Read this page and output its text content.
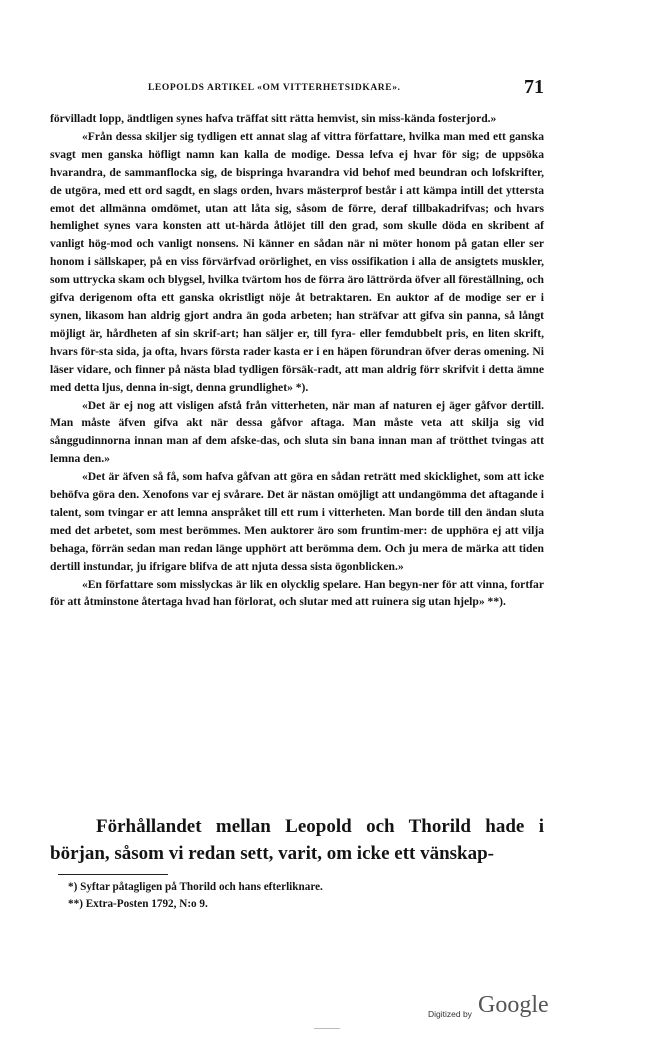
LEOPOLDS ARTIKEL «OM VITTERHETSIDKARE».	71

förvilladt lopp, ändtligen synes hafva träffat sitt rätta hemvist, sin miss-kända fosterjord.»

«Från dessa skiljer sig tydligen ett annat slag af vittra författare, hvilka man med ett ganska svagt men ganska höfligt namn kan kalla de modige. Dessa lefva ej hvar för sig; de uppsöka hvarandra, de sammanflocka sig, de bispringa hvarandra vid behof med beundran och lofskrifter, de utgöra, med ett ord sagdt, en slags orden, hvars mästerprof består i att kämpa intill det yttersta emot det allmänna omdömet, utan att låta sig, såsom de förre, deraf tillbakadrifvas; och hvars hemlighet synes vara konsten att ut-härda åtlöjet till den grad, som skulle döda en skribent af vanligt hög-mod och vanligt nonsens. Ni känner en sådan när ni möter honom på gatan eller ser honom i sällskaper, på en viss förvärfvad orörlighet, en viss ossifikation i alla de ansigtets muskler, som uttrycka skam och blygsel, hvilka tvärtom hos de förra äro lättrörda öfver all föreställning, och gifva derigenom ofta ett ganska okristligt nöje åt betraktaren. En auktor af de modige ser er i synen, likasom han aldrig gjort andra än goda arbeten; han sträfvar att gifva sin panna, så långt möjligt är, hårdheten af sin skrif-art; han säljer er, till fyra- eller femdubbelt pris, en liten skrift, hvars för-sta sida, ja ofta, hvars första rader kasta er i en häpen förundran öfver deras omening. Ni läser vidare, och finner på nästa blad tydligen försäk-radt, att man aldrig förr skrifvit i detta ämne med detta ljus, denna in-sigt, denna grundlighet» *).

«Det är ej nog att visligen afstå från vitterheten, när man af naturen ej äger gåfvor dertill. Man måste äfven gifva akt när dessa gåfvor aftaga. Man måste veta att skilja sig vid sånggudinnorna innan man af dem afske-das, och sluta sin bana innan man af trötthet tvingas att lemna den.»

«Det är äfven så få, som hafva gåfvan att göra en sådan reträtt med skicklighet, som att icke behöfva göra den. Xenofons var ej svårare. Det är nästan omöjligt att undangömma det aftagande i talent, som tvingar er att lemna anspråket till ett rum i vitterheten. Man borde till den ändan sluta med det arbetet, som mest berömmes. Men auktorer äro som fruntim-mer: de upphöra ej att vilja behaga, förrän sedan man redan länge upphört att berömma dem. Och ju mera de märka att tiden dertill instundar, ju ifrigare blifva de att njuta dessa sista ögonblicken.»

«En författare som misslyckas är lik en olycklig spelare. Han begyn-ner för att vinna, fortfar för att åtminstone återtaga hvad han förlorat, och slutar med att ruinera sig utan hjelp» **).

Förhållandet mellan Leopold och Thorild hade i början, såsom vi redan sett, varit, om icke ett vänskap-

*) Syftar påtagligen på Thorild och hans efterliknare.

**) Extra-Posten 1792, N:o 9.

Digitized by Google
